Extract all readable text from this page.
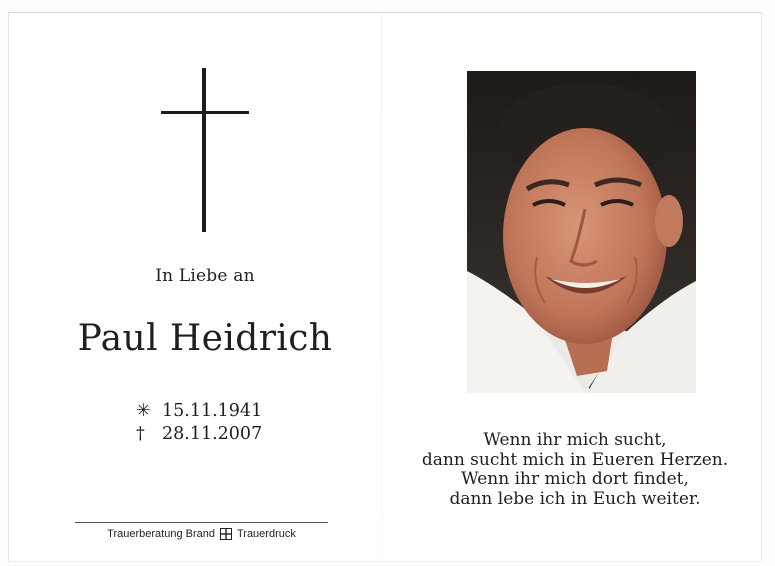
In Liebe an
Paul Heidrich
✳ 15.11.1941
† 28.11.2007
Trauerberatung Brand Trauerdruck
Wenn ihr mich sucht,
dann sucht mich in Eueren Herzen.
Wenn ihr mich dort findet,
dann lebe ich in Euch weiter.
